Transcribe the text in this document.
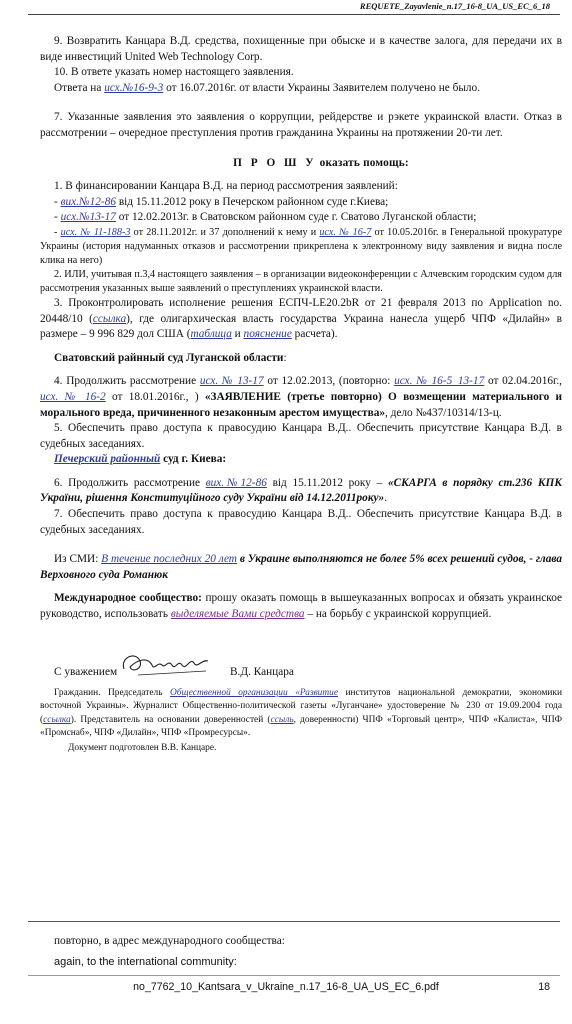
REQUETE_Zayavlenie_n.17_16-8_UA_US_EC_6_18

9. Возвратить Канцара В.Д. средства, похищенные при обыске и в качестве залога, для передачи их в виде инвестиций United Web Technology Corp.

10. В ответе указать номер настоящего заявления.

Ответа на исх.№16-9-3 от 16.07.2016г. от власти Украины Заявителем получено не было.

7. Указанные заявления это заявления о коррупции, рейдерстве и рэкете украинской власти. Отказ в рассмотрении – очередное преступления против гражданина Украины на протяжении 20-ти лет.

П Р О Ш У оказать помощь:

1. В финансировании Канцара В.Д. на период рассмотрения заявлений:

- вих.№12-86 від 15.11.2012 року в Печерском районном суде г.Киева;

- исх.№13-17 от 12.02.2013г. в Сватовском районном суде г. Сватово Луганской области;

- исх. № 11-188-3 от 28.11.2012г. и 37 дополнений к нему и исх. № 16-7 от 10.05.2016г. в Генеральной прокуратуре Украины (история надуманных отказов и рассмотрении прикреплена к электронному виду заявления и видна после клика на него)

2. ИЛИ, учитывая п.3,4 настоящего заявления – в организации видеоконференции с Алчевским городским судом для рассмотрения указанных выше заявлений о преступлениях украинской власти.

3. Проконтролировать исполнение решения ЕСПЧ-LE20.2bR от 21 февраля 2013 по Application no. 20448/10 (ссылка), где олигархическая власть государства Украина нанесла ущерб ЧПФ «Дилайн» в размере – 9 996 829 дол США (таблица и пояснение расчета).

Сватовский райнный суд Луганской области:

4. Продолжить рассмотрение исх. № 13-17 от 12.02.2013, (повторно: исх. № 16-5_13-17 от 02.04.2016г., исх. № 16-2 от 18.01.2016г., ) «ЗАЯВЛЕНИЕ (третье повторно) О возмещении материального и морального вреда, причиненного незаконным арестом имущества», дело №437/10314/13-ц.

5. Обеспечить право доступа к правосудию Канцара В.Д.. Обеспечить присутствие Канцара В.Д. в судебных заседаниях.

Печерский районный суд г. Киева:

6. Продолжить рассмотрение вих.№12-86 від 15.11.2012 року – «СКАРГА в порядку ст.236 КПК України, рішення Конституційного суду України від 14.12.2011року».

7. Обеспечить право доступа к правосудию Канцара В.Д.. Обеспечить присутствие Канцара В.Д. в судебных заседаниях.

Из СМИ: В течение последних 20 лет в Украине выполняются не более 5% всех решений судов, - глава Верховного суда Романюк

Международное сообщество: прошу оказать помощь в вышеуказанных вопросах и обязать украинское руководство, использовать выделяемые Вами средства – на борьбу с украинской коррупцией.

С уважением	В.Д. Канцара

Гражданин. Председатель Общественной организации «Развитие институтов национальной демократии, экономики восточной Украины». Журналист Общественно-политической газеты «Луганчане» удостоверение № 230 от 19.09.2004 года (ссылка). Представитель на основании доверенностей (ссыль, доверенности) ЧПФ «Торговый центр», ЧПФ «Калиста», ЧПФ «Промснаб», ЧПФ «Дилайн», ЧПФ «Промресурсы».

Документ подготовлен В.В. Канцаре.

повторно, в адрес международного сообщества:
again, to the international community:
no_7762_10_Kantsara_v_Ukraine_n.17_16-8_UA_US_EC_6.pdf	18
